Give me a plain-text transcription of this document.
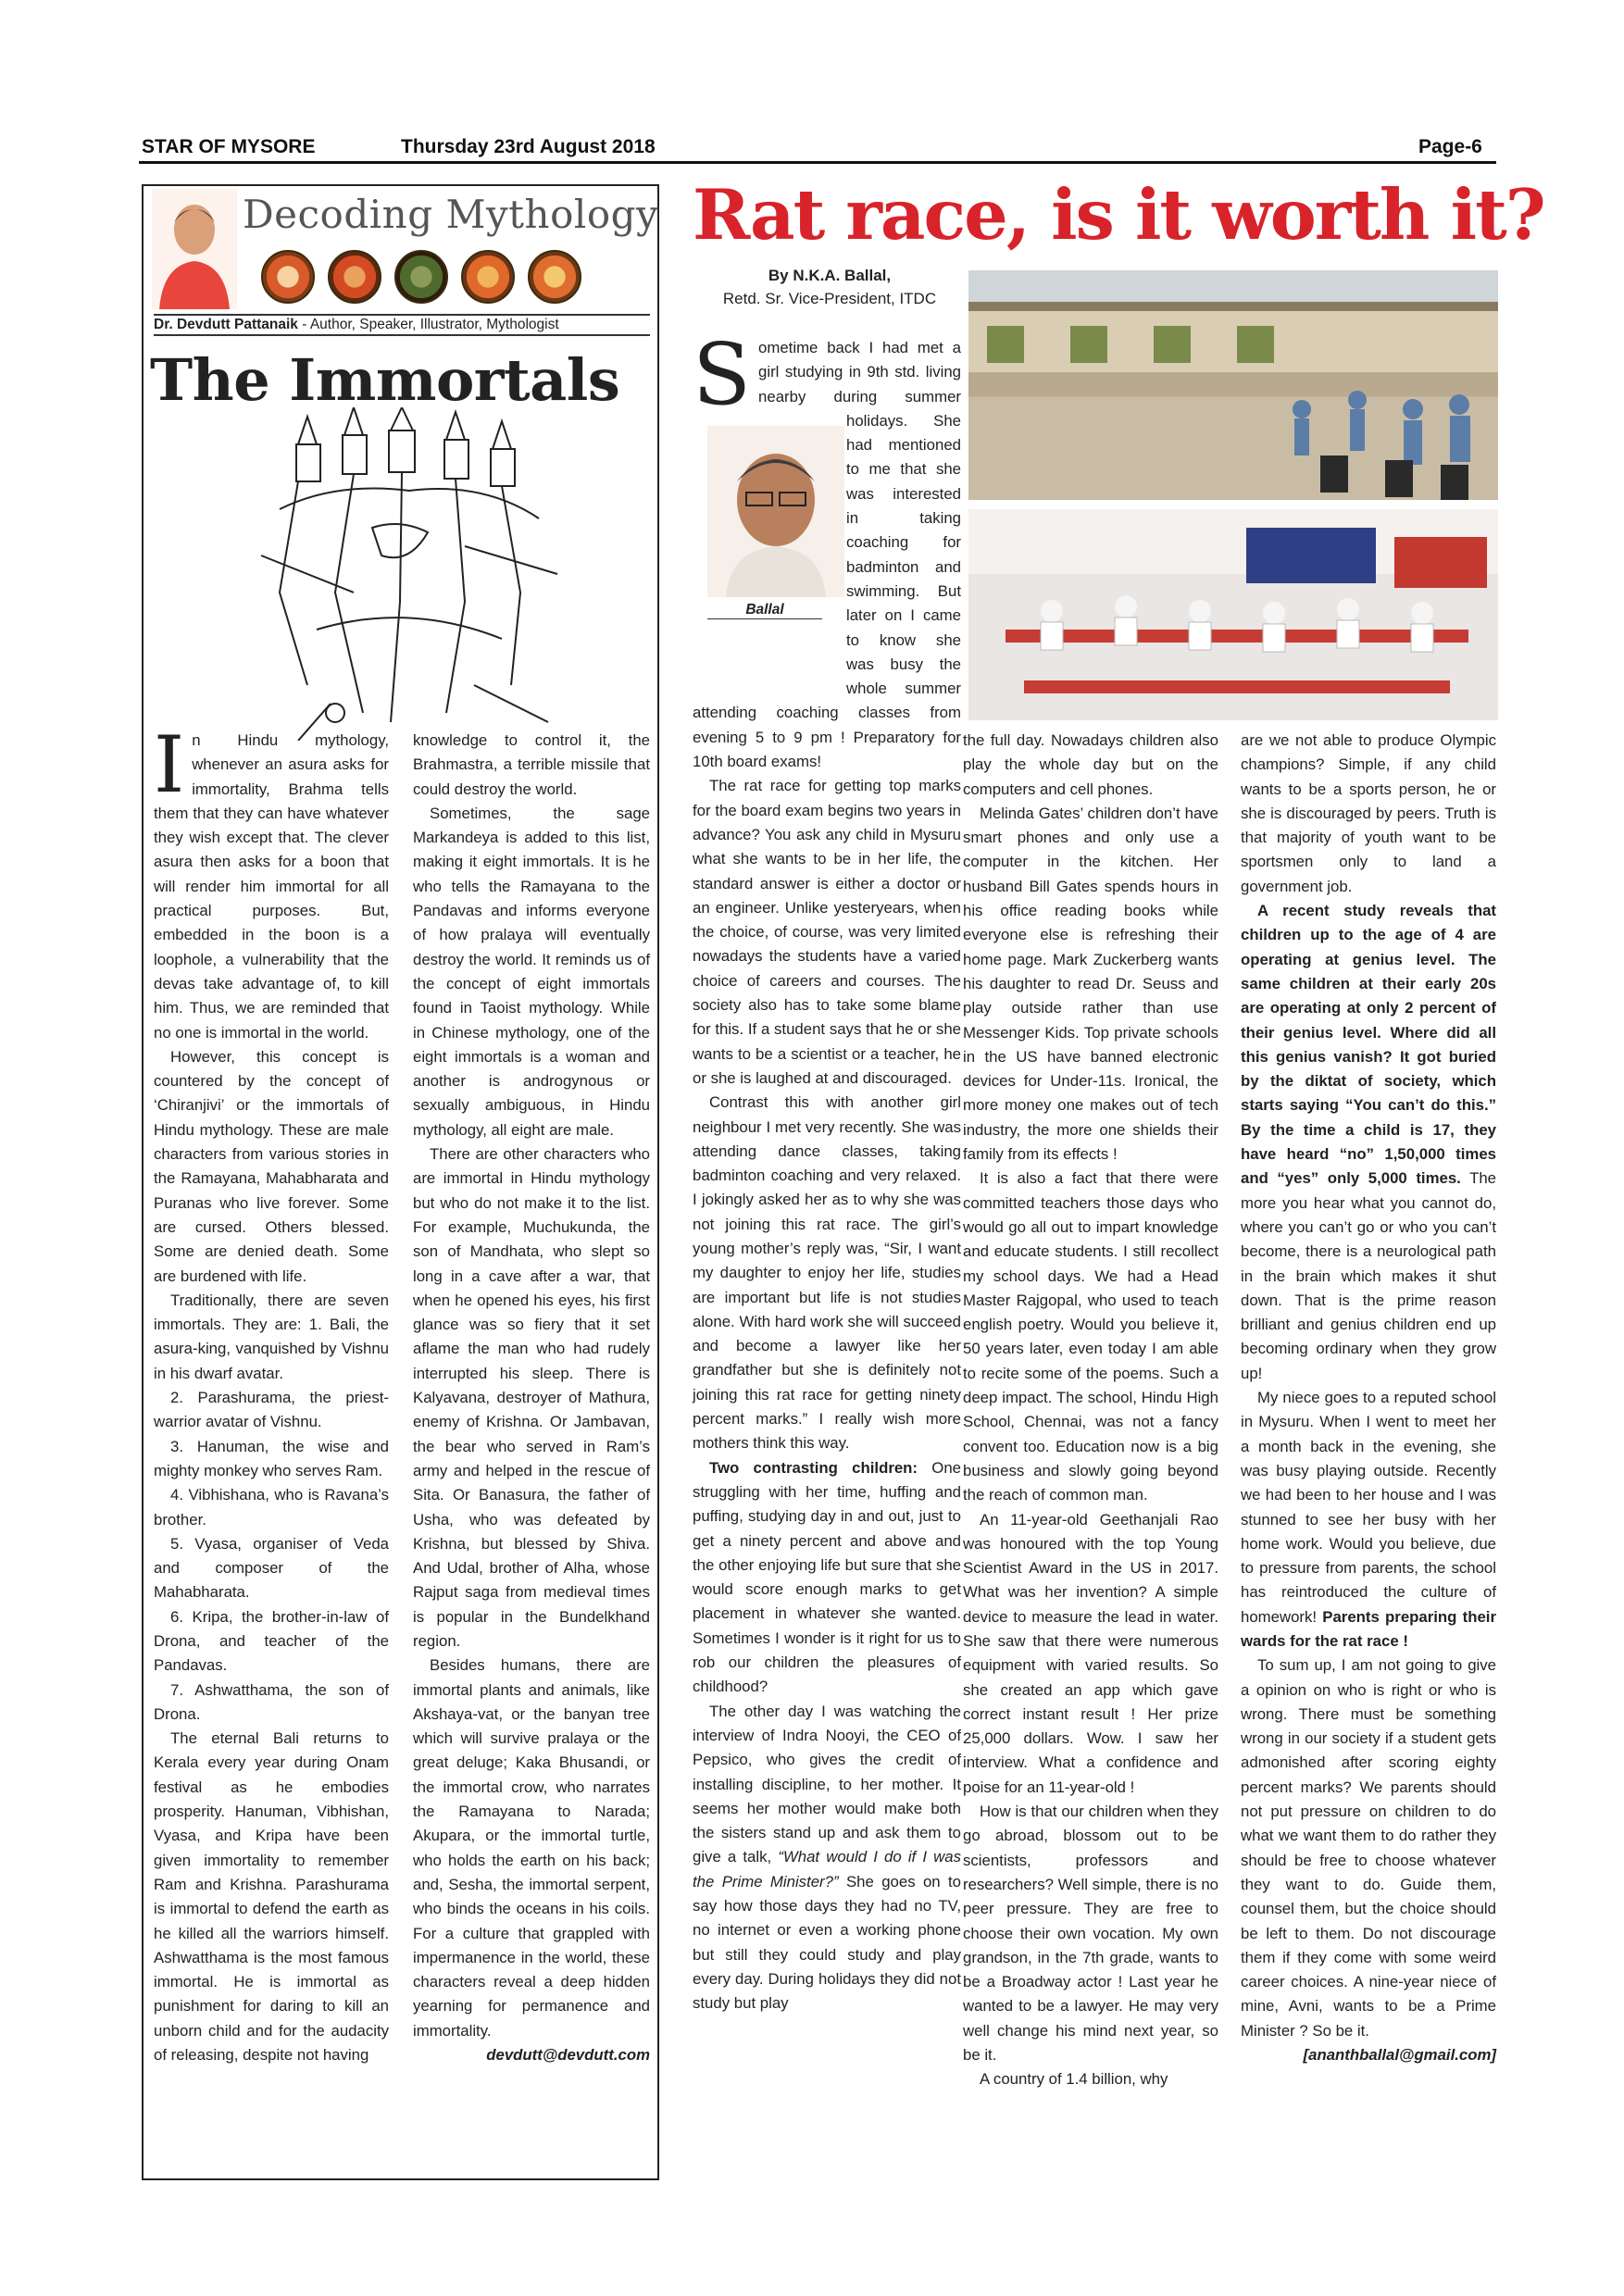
STAR OF MYSORE	Thursday 23rd August 2018	Page-6
Decoding Mythology
Dr. Devdutt Pattanaik - Author, Speaker, Illustrator, Mythologist
The Immortals

In Hindu mythology, whenever an asura asks for immortality, Brahma tells them that they can have whatever they wish except that. The clever asura then asks for a boon that will render him immortal for all practical purposes. But, embedded in the boon is a loophole, a vulnerability that the devas take advantage of, to kill him. Thus, we are reminded that no one is immortal in the world.

However, this concept is countered by the concept of ‘Chiranjivi’ or the immortals of Hindu mythology. These are male characters from various stories in the Ramayana, Mahabharata and Puranas who live forever. Some are cursed. Others blessed. Some are denied death. Some are burdened with life.

Traditionally, there are seven immortals. They are: 1. Bali, the asura-king, vanquished by Vishnu in his dwarf avatar.

2. Parashurama, the priest-warrior avatar of Vishnu.

3. Hanuman, the wise and mighty monkey who serves Ram.

4. Vibhishana, who is Ravana’s brother.

5. Vyasa, organiser of Veda and composer of the Mahabharata.

6. Kripa, the brother-in-law of Drona, and teacher of the Pandavas.

7. Ashwatthama, the son of Drona.

The eternal Bali returns to Kerala every year during Onam festival as he embodies prosperity. Hanuman, Vibhishan, Vyasa, and Kripa have been given immortality to remember Ram and Krishna. Parashurama is immortal to defend the earth as he killed all the warriors himself. Ashwatthama is the most famous immortal. He is immortal as punishment for daring to kill an unborn child and for the audacity of releasing, despite not having

knowledge to control it, the Brahmastra, a terrible missile that could destroy the world.

Sometimes, the sage Markandeya is added to this list, making it eight immortals. It is he who tells the Ramayana to the Pandavas and informs everyone of how pralaya will eventually destroy the world. It reminds us of the concept of eight immortals found in Taoist mythology. While in Chinese mythology, one of the eight immortals is a woman and another is androgynous or sexually ambiguous, in Hindu mythology, all eight are male.

There are other characters who are immortal in Hindu mythology but who do not make it to the list. For example, Muchukunda, the son of Mandhata, who slept so long in a cave after a war, that when he opened his eyes, his first glance was so fiery that it set aflame the man who had rudely interrupted his sleep. There is Kalyavana, destroyer of Mathura, enemy of Krishna. Or Jambavan, the bear who served in Ram’s army and helped in the rescue of Sita. Or Banasura, the father of Usha, who was defeated by Krishna, but blessed by Shiva. And Udal, brother of Alha, whose Rajput saga from medieval times is popular in the Bundelkhand region.

Besides humans, there are immortal plants and animals, like Akshaya-vat, or the banyan tree which will survive pralaya or the great deluge; Kaka Bhusandi, or the immortal crow, who narrates the Ramayana to Narada; Akupara, or the immortal turtle, who holds the earth on his back; and, Sesha, the immortal serpent, who binds the oceans in his coils. For a culture that grappled with impermanence in the world, these characters reveal a deep hidden yearning for permanence and immortality.

devdutt@devdutt.com

Rat race, is it worth it?
By N.K.A. Ballal,
Retd. Sr. Vice-President, ITDC
Ballal

S ometime back I had met a girl studying in 9th std. living nearby during summer holidays. She had mentioned to me that she was interested in taking coaching for badminton and swimming. But later on I came to know she was busy the whole summer attending coaching classes from evening 5 to 9 pm ! Preparatory for 10th board exams!

The rat race for getting top marks for the board exam begins two years in advance? You ask any child in Mysuru what she wants to be in her life, the standard answer is either a doctor or an engineer. Unlike yesteryears, when the choice, of course, was very limited nowadays the students have a varied choice of careers and courses. The society also has to take some blame for this. If a student says that he or she wants to be a scientist or a teacher, he or she is laughed at and discouraged.

Contrast this with another girl neighbour I met very recently. She was attending dance classes, taking badminton coaching and very relaxed. I jokingly asked her as to why she was not joining this rat race. The girl’s young mother’s reply was, “Sir, I want my daughter to enjoy her life, studies are important but life is not studies alone. With hard work she will succeed and become a lawyer like her grandfather but she is definitely not joining this rat race for getting ninety percent marks.” I really wish more mothers think this way.

Two contrasting children: One struggling with her time, huffing and puffing, studying day in and out, just to get a ninety percent and above and the other enjoying life but sure that she would score enough marks to get placement in whatever she wanted. Sometimes I wonder is it right for us to rob our children the pleasures of childhood?

The other day I was watching the interview of Indra Nooyi, the CEO of Pepsico, who gives the credit of installing discipline, to her mother. It seems her mother would make both the sisters stand up and ask them to give a talk, “What would I do if I was the Prime Minister?” She goes on to say how those days they had no TV, no internet or even a working phone but still they could study and play every day. During holidays they did not study but play

the full day. Nowadays children also play the whole day but on the computers and cell phones.

Melinda Gates’ children don’t have smart phones and only use a computer in the kitchen. Her husband Bill Gates spends hours in his office reading books while everyone else is refreshing their home page. Mark Zuckerberg wants his daughter to read Dr. Seuss and play outside rather than use Messenger Kids. Top private schools in the US have banned electronic devices for Under-11s. Ironical, the more money one makes out of tech industry, the more one shields their family from its effects !

It is also a fact that there were committed teachers those days who would go all out to impart knowledge and educate students. I still recollect my school days. We had a Head Master Rajgopal, who used to teach english poetry. Would you believe it, 50 years later, even today I am able to recite some of the poems. Such a deep impact. The school, Hindu High School, Chennai, was not a fancy convent too. Education now is a big business and slowly going beyond the reach of common man.

An 11-year-old Geethanjali Rao was honoured with the top Young Scientist Award in the US in 2017. What was her invention? A simple device to measure the lead in water. She saw that there were numerous equipment with varied results. So she created an app which gave correct instant result ! Her prize 25,000 dollars. Wow. I saw her interview. What a confidence and poise for an 11-year-old !

How is that our children when they go abroad, blossom out to be scientists, professors and researchers? Well simple, there is no peer pressure. They are free to choose their own vocation. My own grandson, in the 7th grade, wants to be a Broadway actor ! Last year he wanted to be a lawyer. He may very well change his mind next year, so be it.

A country of 1.4 billion, why

are we not able to produce Olympic champions? Simple, if any child wants to be a sports person, he or she is discouraged by peers. Truth is that majority of youth want to be sportsmen only to land a government job.

A recent study reveals that children up to the age of 4 are operating at genius level. The same children at their early 20s are operating at only 2 percent of their genius level. Where did all this genius vanish? It got buried by the diktat of society, which starts saying “You can’t do this.” By the time a child is 17, they have heard “no” 1,50,000 times and “yes” only 5,000 times. The more you hear what you cannot do, where you can’t go or who you can’t become, there is a neurological path in the brain which makes it shut down. That is the prime reason brilliant and genius children end up becoming ordinary when they grow up!

My niece goes to a reputed school in Mysuru. When I went to meet her a month back in the evening, she was busy playing outside. Recently we had been to her house and I was stunned to see her busy with her home work. Would you believe, due to pressure from parents, the school has reintroduced the culture of homework! Parents preparing their wards for the rat race !

To sum up, I am not going to give a opinion on who is right or who is wrong. There must be something wrong in our society if a student gets admonished after scoring eighty percent marks? We parents should not put pressure on children to do what we want them to do rather they should be free to choose whatever they want to do. Guide them, counsel them, but the choice should be left to them. Do not discourage them if they come with some weird career choices. A nine-year niece of mine, Avni, wants to be a Prime Minister ? So be it.

[ananthballal@gmail.com]
